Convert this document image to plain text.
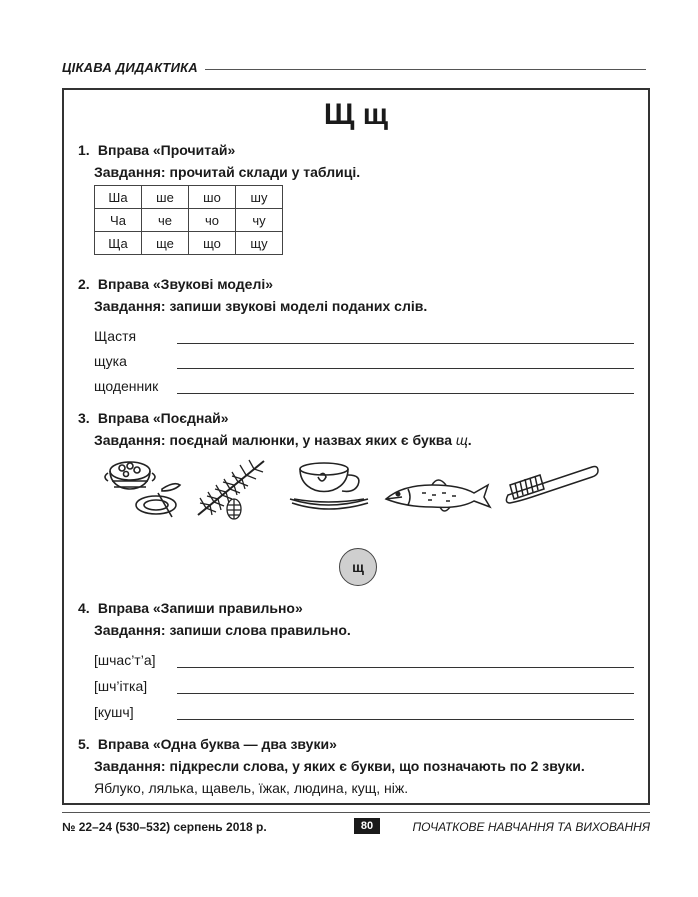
ЦІКАВА ДИДАКТИКА
Щ щ
1. Вправа «Прочитай»
Завдання: прочитай склади у таблиці.
Ша	ше	шо	шу
Ча	че	чо	чу
Ща	ще	що	щу
2. Вправа «Звукові моделі»
Завдання: запиши звукові моделі поданих слів.
Щастя
щука
щоденник
3. Вправа «Поєднай»
Завдання: поєднай малюнки, у назвах яких є буква щ.
щ
4. Вправа «Запиши правильно»
Завдання: запиши слова правильно.
[шчас’т’а]
[шч’ітка]
[кушч]
5. Вправа «Одна буква — два звуки»
Завдання: підкресли слова, у яких є букви, що позначають по 2 звуки.
Яблуко, лялька, щавель, їжак, людина, кущ, ніж.
№ 22–24 (530–532) серпень 2018 р.	80	ПОЧАТКОВЕ НАВЧАННЯ ТА ВИХОВАННЯ
